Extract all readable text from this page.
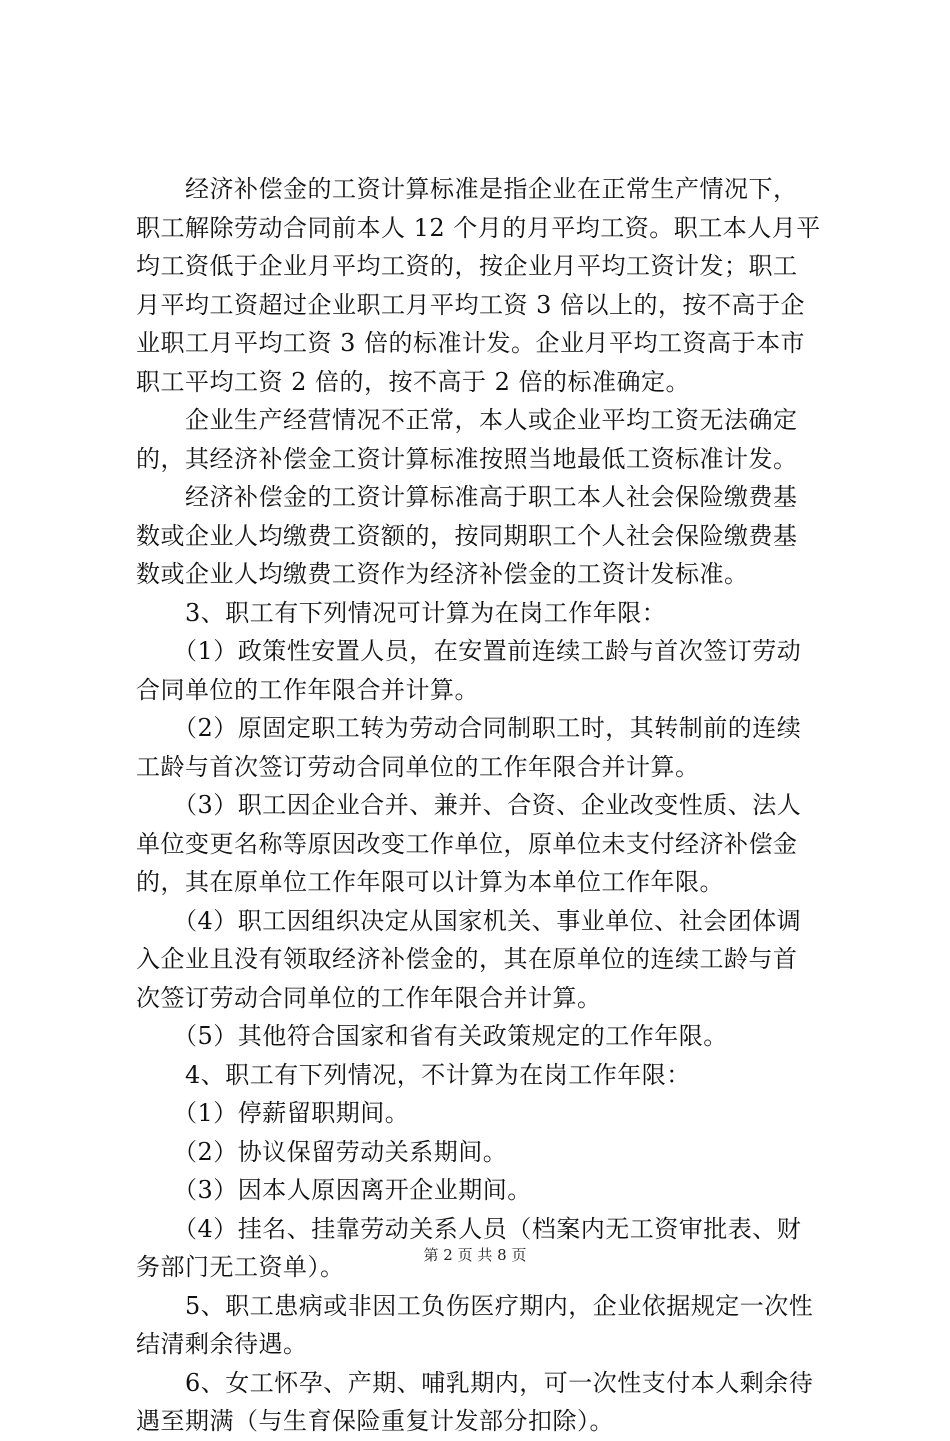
　　经济补偿金的工资计算标准是指企业在正常生产情况下，
职工解除劳动合同前本人 12 个月的月平均工资。职工本人月平
均工资低于企业月平均工资的，按企业月平均工资计发；职工
月平均工资超过企业职工月平均工资 3 倍以上的，按不高于企
业职工月平均工资 3 倍的标准计发。企业月平均工资高于本市
职工平均工资 2 倍的，按不高于 2 倍的标准确定。
　　企业生产经营情况不正常，本人或企业平均工资无法确定
的，其经济补偿金工资计算标准按照当地最低工资标准计发。
　　经济补偿金的工资计算标准高于职工本人社会保险缴费基
数或企业人均缴费工资额的，按同期职工个人社会保险缴费基
数或企业人均缴费工资作为经济补偿金的工资计发标准。
　　3、职工有下列情况可计算为在岗工作年限：
　　（1）政策性安置人员，在安置前连续工龄与首次签订劳动
合同单位的工作年限合并计算。
　　（2）原固定职工转为劳动合同制职工时，其转制前的连续
工龄与首次签订劳动合同单位的工作年限合并计算。
　　（3）职工因企业合并、兼并、合资、企业改变性质、法人
单位变更名称等原因改变工作单位，原单位未支付经济补偿金
的，其在原单位工作年限可以计算为本单位工作年限。
　　（4）职工因组织决定从国家机关、事业单位、社会团体调
入企业且没有领取经济补偿金的，其在原单位的连续工龄与首
次签订劳动合同单位的工作年限合并计算。
　　（5）其他符合国家和省有关政策规定的工作年限。
　　4、职工有下列情况，不计算为在岗工作年限：
　　（1）停薪留职期间。
　　（2）协议保留劳动关系期间。
　　（3）因本人原因离开企业期间。
　　（4）挂名、挂靠劳动关系人员（档案内无工资审批表、财
务部门无工资单）。
　　5、职工患病或非因工负伤医疗期内，企业依据规定一次性
结清剩余待遇。
　　6、女工怀孕、产期、哺乳期内，可一次性支付本人剩余待
遇至期满（与生育保险重复计发部分扣除）。
第 2 页 共 8 页
